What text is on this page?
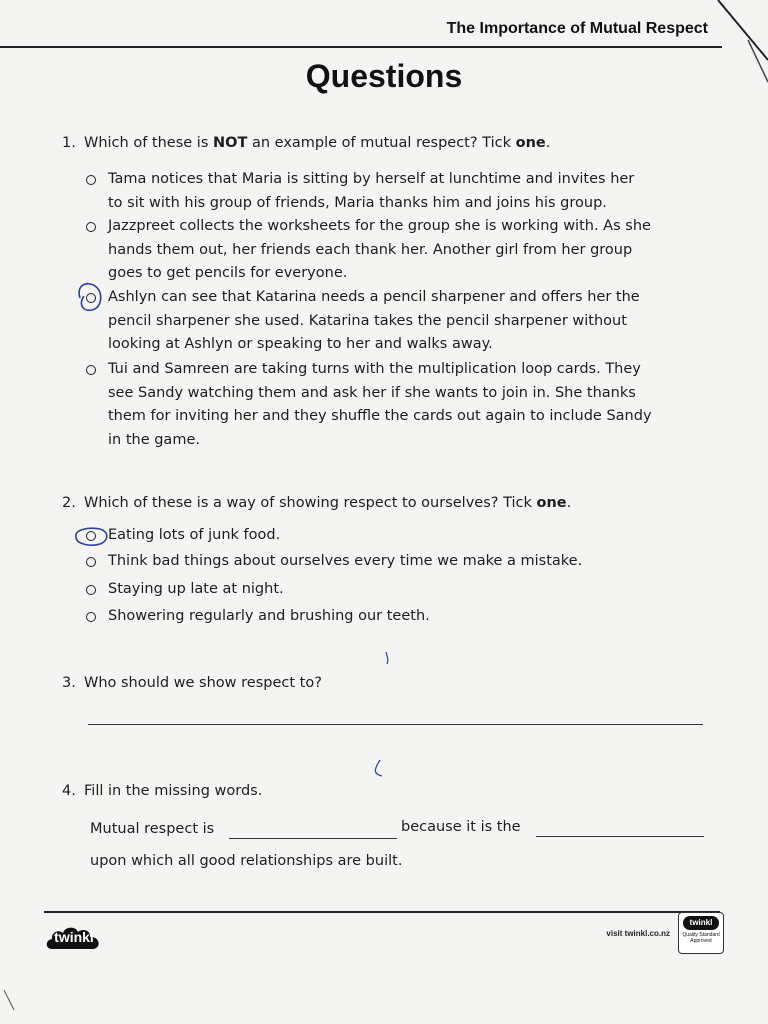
The Importance of Mutual Respect
Questions
1. Which of these is NOT an example of mutual respect? Tick one.
Tama notices that Maria is sitting by herself at lunchtime and invites her
to sit with his group of friends, Maria thanks him and joins his group.
Jazzpreet collects the worksheets for the group she is working with. As she
hands them out, her friends each thank her. Another girl from her group
goes to get pencils for everyone.
Ashlyn can see that Katarina needs a pencil sharpener and offers her the
pencil sharpener she used. Katarina takes the pencil sharpener without
looking at Ashlyn or speaking to her and walks away.
Tui and Samreen are taking turns with the multiplication loop cards. They
see Sandy watching them and ask her if she wants to join in. She thanks
them for inviting her and they shuffle the cards out again to include Sandy
in the game.
2. Which of these is a way of showing respect to ourselves? Tick one.
Eating lots of junk food.
Think bad things about ourselves every time we make a mistake.
Staying up late at night.
Showering regularly and brushing our teeth.
3. Who should we show respect to?
4. Fill in the missing words.
Mutual respect is	because it is the
upon which all good relationships are built.
twinkl	visit twinkl.co.nz
twinkl
Quality Standard
Approved
